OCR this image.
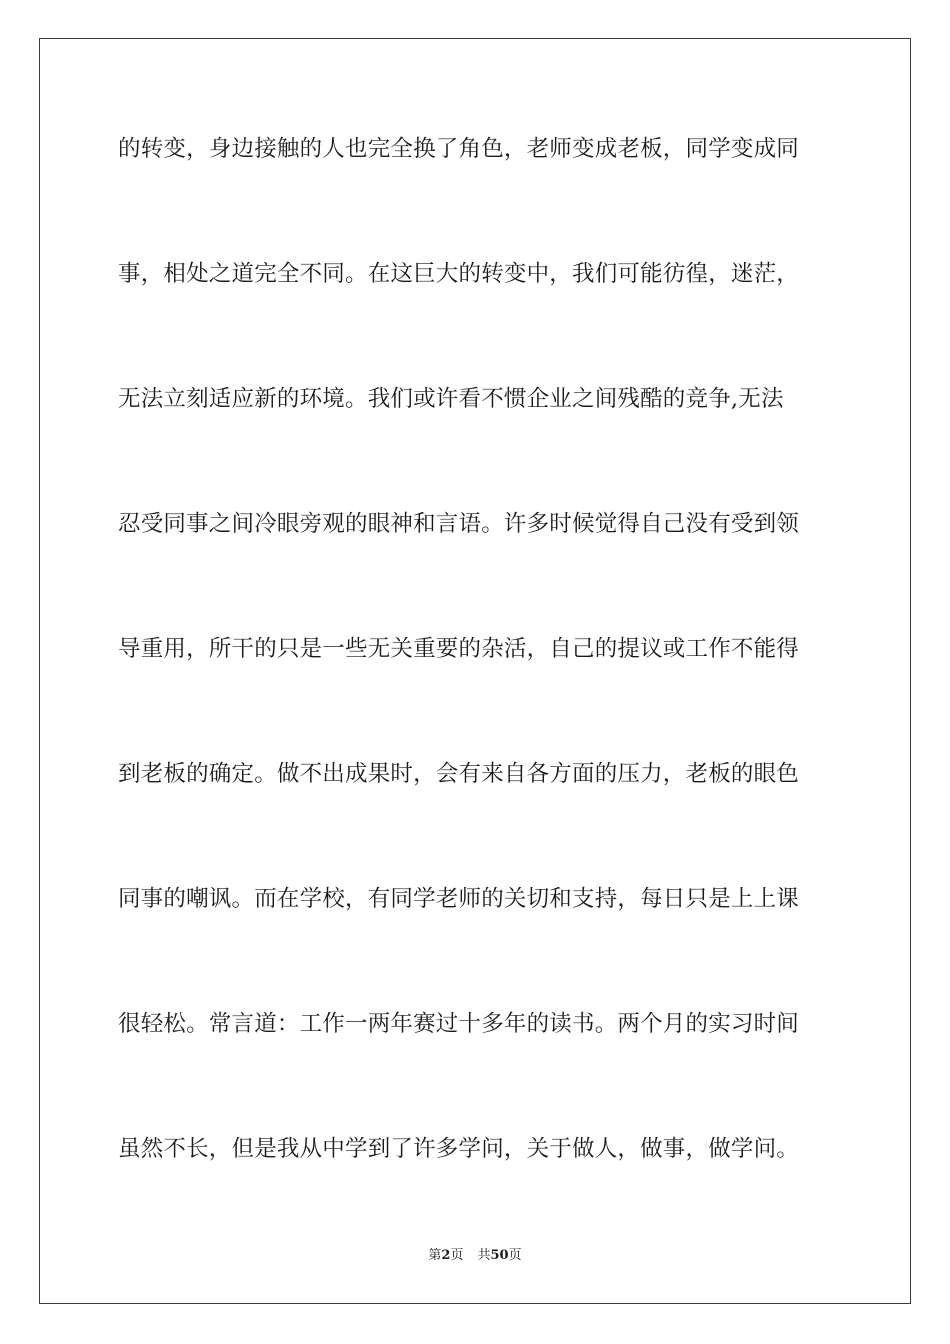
的转变，身边接触的人也完全换了角色，老师变成老板，同学变成同
事，相处之道完全不同。在这巨大的转变中，我们可能彷徨，迷茫，
无法立刻适应新的环境。我们或许看不惯企业之间残酷的竞争,无法
忍受同事之间冷眼旁观的眼神和言语。许多时候觉得自己没有受到领
导重用，所干的只是一些无关重要的杂活，自己的提议或工作不能得
到老板的确定。做不出成果时，会有来自各方面的压力，老板的眼色
同事的嘲讽。而在学校，有同学老师的关切和支持，每日只是上上课
很轻松。常言道：工作一两年赛过十多年的读书。两个月的实习时间
虽然不长，但是我从中学到了许多学问，关于做人，做事，做学问。
第2页 共50页
